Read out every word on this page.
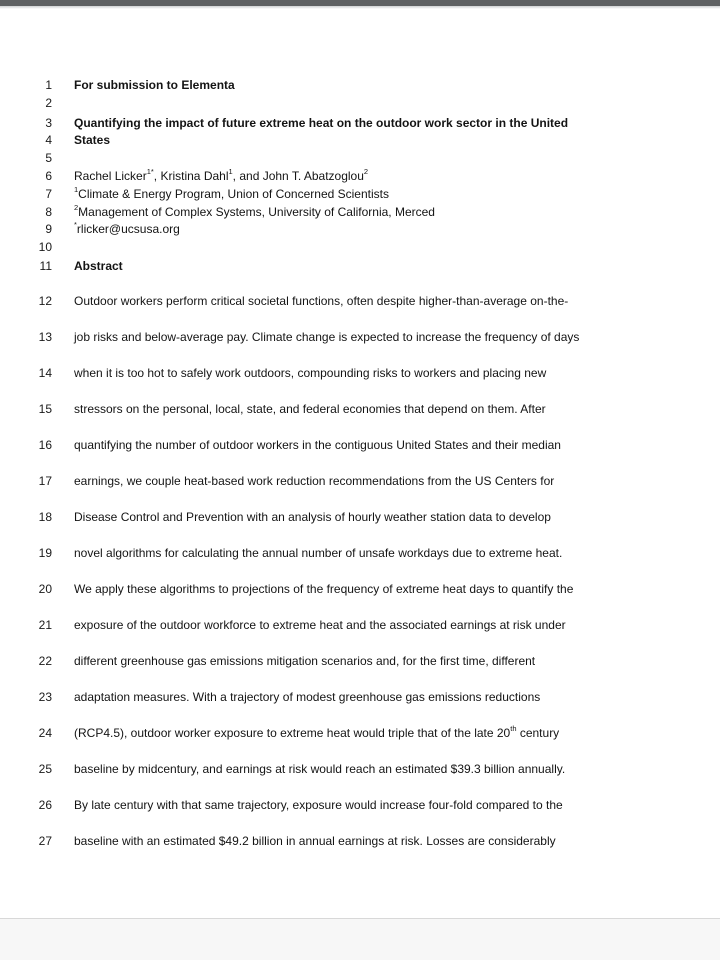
1 For submission to Elementa
2
3 Quantifying the impact of future extreme heat on the outdoor work sector in the United
4 States
5
6 Rachel Licker$^{1*}$, Kristina Dahl$^1$, and John T. Abatzoglou$^2$
7	$^1$Climate & Energy Program, Union of Concerned Scientists
8	$^2$Management of Complex Systems, University of California, Merced
9	*rlicker@ucsusa.org
10
11 Abstract
12 Outdoor workers perform critical societal functions, often despite higher-than-average on-the-
13 job risks and below-average pay. Climate change is expected to increase the frequency of days
14 when it is too hot to safely work outdoors, compounding risks to workers and placing new
15 stressors on the personal, local, state, and federal economies that depend on them. After
16 quantifying the number of outdoor workers in the contiguous United States and their median
17 earnings, we couple heat-based work reduction recommendations from the US Centers for
18 Disease Control and Prevention with an analysis of hourly weather station data to develop
19 novel algorithms for calculating the annual number of unsafe workdays due to extreme heat.
20 We apply these algorithms to projections of the frequency of extreme heat days to quantify the
21 exposure of the outdoor workforce to extreme heat and the associated earnings at risk under
22 different greenhouse gas emissions mitigation scenarios and, for the first time, different
23 adaptation measures. With a trajectory of modest greenhouse gas emissions reductions
24 (RCP4.5), outdoor worker exposure to extreme heat would triple that of the late 20th century
25 baseline by midcentury, and earnings at risk would reach an estimated $39.3 billion annually.
26 By late century with that same trajectory, exposure would increase four-fold compared to the
27 baseline with an estimated $49.2 billion in annual earnings at risk. Losses are considerably
